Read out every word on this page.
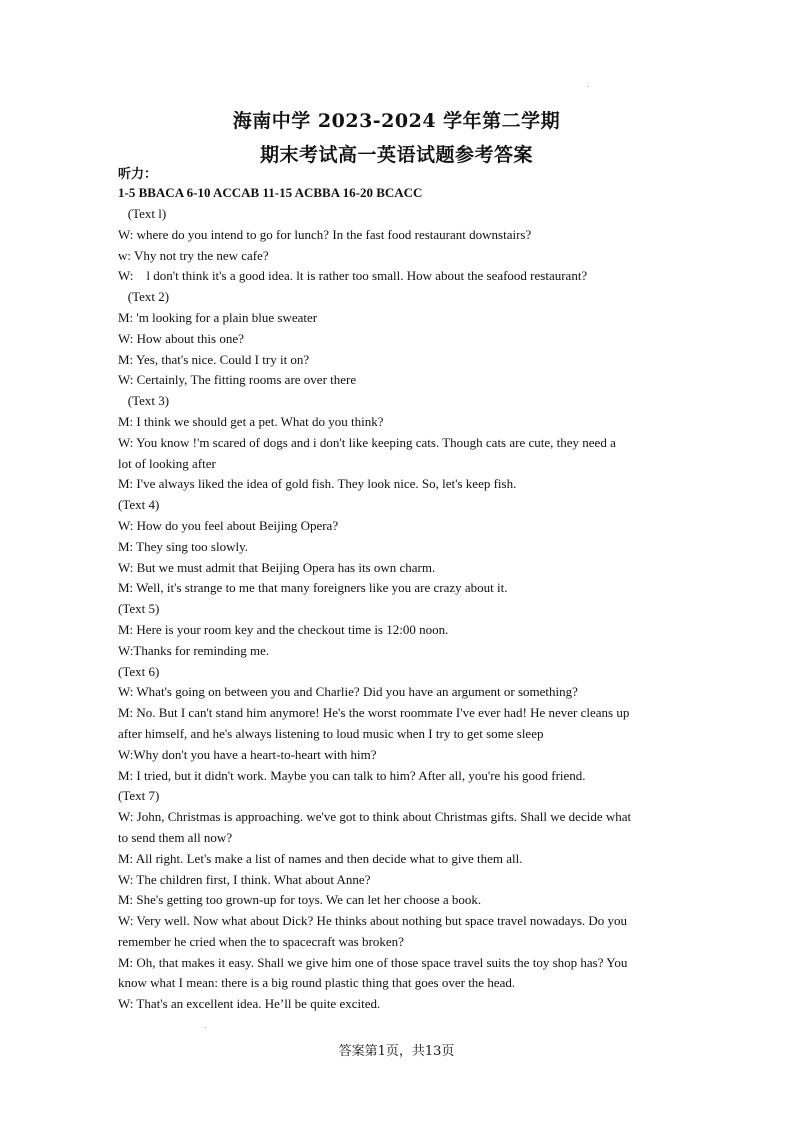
海南中学 2023-2024 学年第二学期
期末考试高一英语试题参考答案
听力：
1-5 BBACA 6-10 ACCAB 11-15 ACBBA 16-20 BCACC
(Text l)
W: where do you intend to go for lunch? In the fast food restaurant downstairs?
w: Vhy not try the new cafe?
W:    l don't think it's a good idea. lt is rather too small. How about the seafood restaurant?
(Text 2)
M: 'm looking for a plain blue sweater
W: How about this one?
M: Yes, that's nice. Could I try it on?
W: Certainly, The fitting rooms are over there
(Text 3)
M: I think we should get a pet. What do you think?
W: You know !'m scared of dogs and i don't like keeping cats. Though cats are cute, they need a
lot of looking after
M: I've always liked the idea of gold fish. They look nice. So, let's keep fish.
(Text 4)
W: How do you feel about Beijing Opera?
M: They sing too slowly.
W: But we must admit that Beijing Opera has its own charm.
M: Well, it's strange to me that many foreigners like you are crazy about it.
(Text 5)
M: Here is your room key and the checkout time is 12:00 noon.
W:Thanks for reminding me.
(Text 6)
W: What's going on between you and Charlie? Did you have an argument or something?
M: No. But I can't stand him anymore! He's the worst roommate I've ever had! He never cleans up
after himself, and he's always listening to loud music when I try to get some sleep
W:Why don't you have a heart-to-heart with him?
M: I tried, but it didn't work. Maybe you can talk to him? After all, you're his good friend.
(Text 7)
W: John, Christmas is approaching. we've got to think about Christmas gifts. Shall we decide what
to send them all now?
M: All right. Let's make a list of names and then decide what to give them all.
W: The children first, I think. What about Anne?
M: She's getting too grown-up for toys. We can let her choose a book.
W: Very well. Now what about Dick? He thinks about nothing but space travel nowadays. Do you
remember he cried when the to spacecraft was broken?
M: Oh, that makes it easy. Shall we give him one of those space travel suits the toy shop has? You
know what I mean: there is a big round plastic thing that goes over the head.
W: That's an excellent idea. He’ll be quite excited.
答案第1页，共13页
